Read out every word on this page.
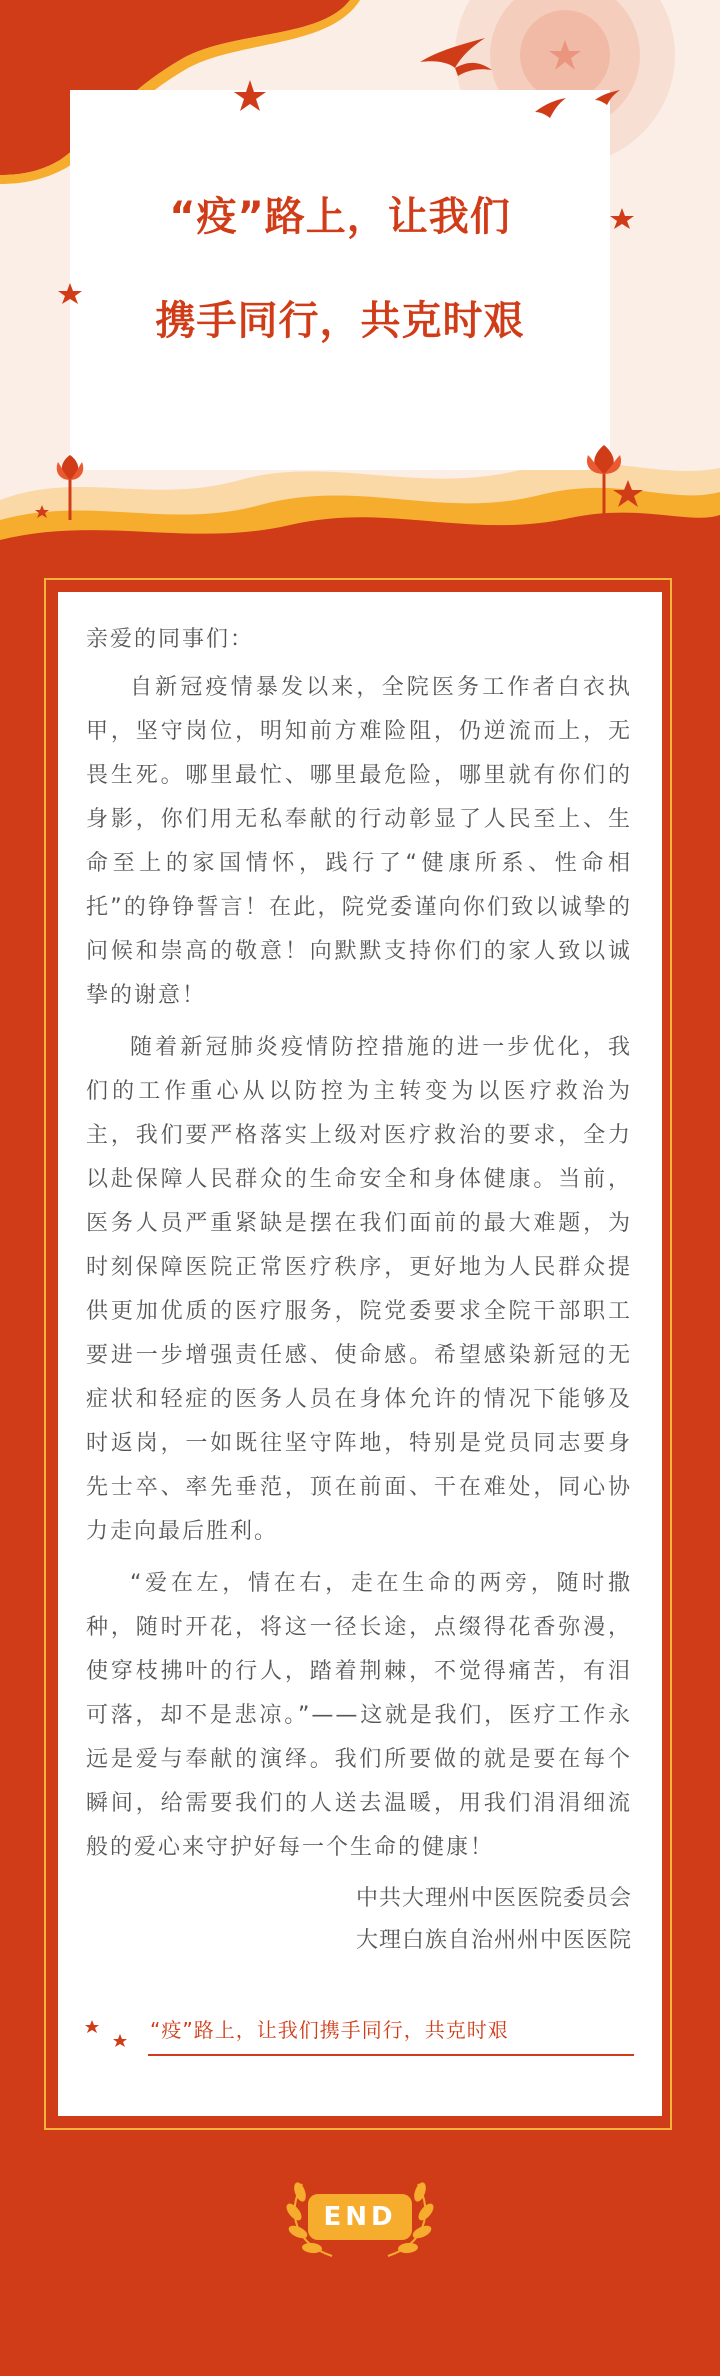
“疫”路上，让我们
携手同行，共克时艰

亲爱的同事们：

自新冠疫情暴发以来，全院医务工作者白衣执甲，坚守岗位，明知前方难险阻，仍逆流而上，无畏生死。哪里最忙、哪里最危险，哪里就有你们的身影，你们用无私奉献的行动彰显了人民至上、生命至上的家国情怀，践行了“健康所系、性命相托”的铮铮誓言！在此，院党委谨向你们致以诚挚的问候和崇高的敬意！向默默支持你们的家人致以诚挚的谢意！

随着新冠肺炎疫情防控措施的进一步优化，我们的工作重心从以防控为主转变为以医疗救治为主，我们要严格落实上级对医疗救治的要求，全力以赴保障人民群众的生命安全和身体健康。当前，医务人员严重紧缺是摆在我们面前的最大难题，为时刻保障医院正常医疗秩序，更好地为人民群众提供更加优质的医疗服务，院党委要求全院干部职工要进一步增强责任感、使命感。希望感染新冠的无症状和轻症的医务人员在身体允许的情况下能够及时返岗，一如既往坚守阵地，特别是党员同志要身先士卒、率先垂范，顶在前面、干在难处，同心协力走向最后胜利。

“爱在左，情在右，走在生命的两旁，随时撒种，随时开花，将这一径长途，点缀得花香弥漫，使穿枝拂叶的行人，踏着荆棘，不觉得痛苦，有泪可落，却不是悲凉。”——这就是我们，医疗工作永远是爱与奉献的演绎。我们所要做的就是要在每个瞬间，给需要我们的人送去温暖，用我们涓涓细流般的爱心来守护好每一个生命的健康！

中共大理州中医医院委员会

大理白族自治州州中医医院

“疫”路上，让我们携手同行，共克时艰
END
